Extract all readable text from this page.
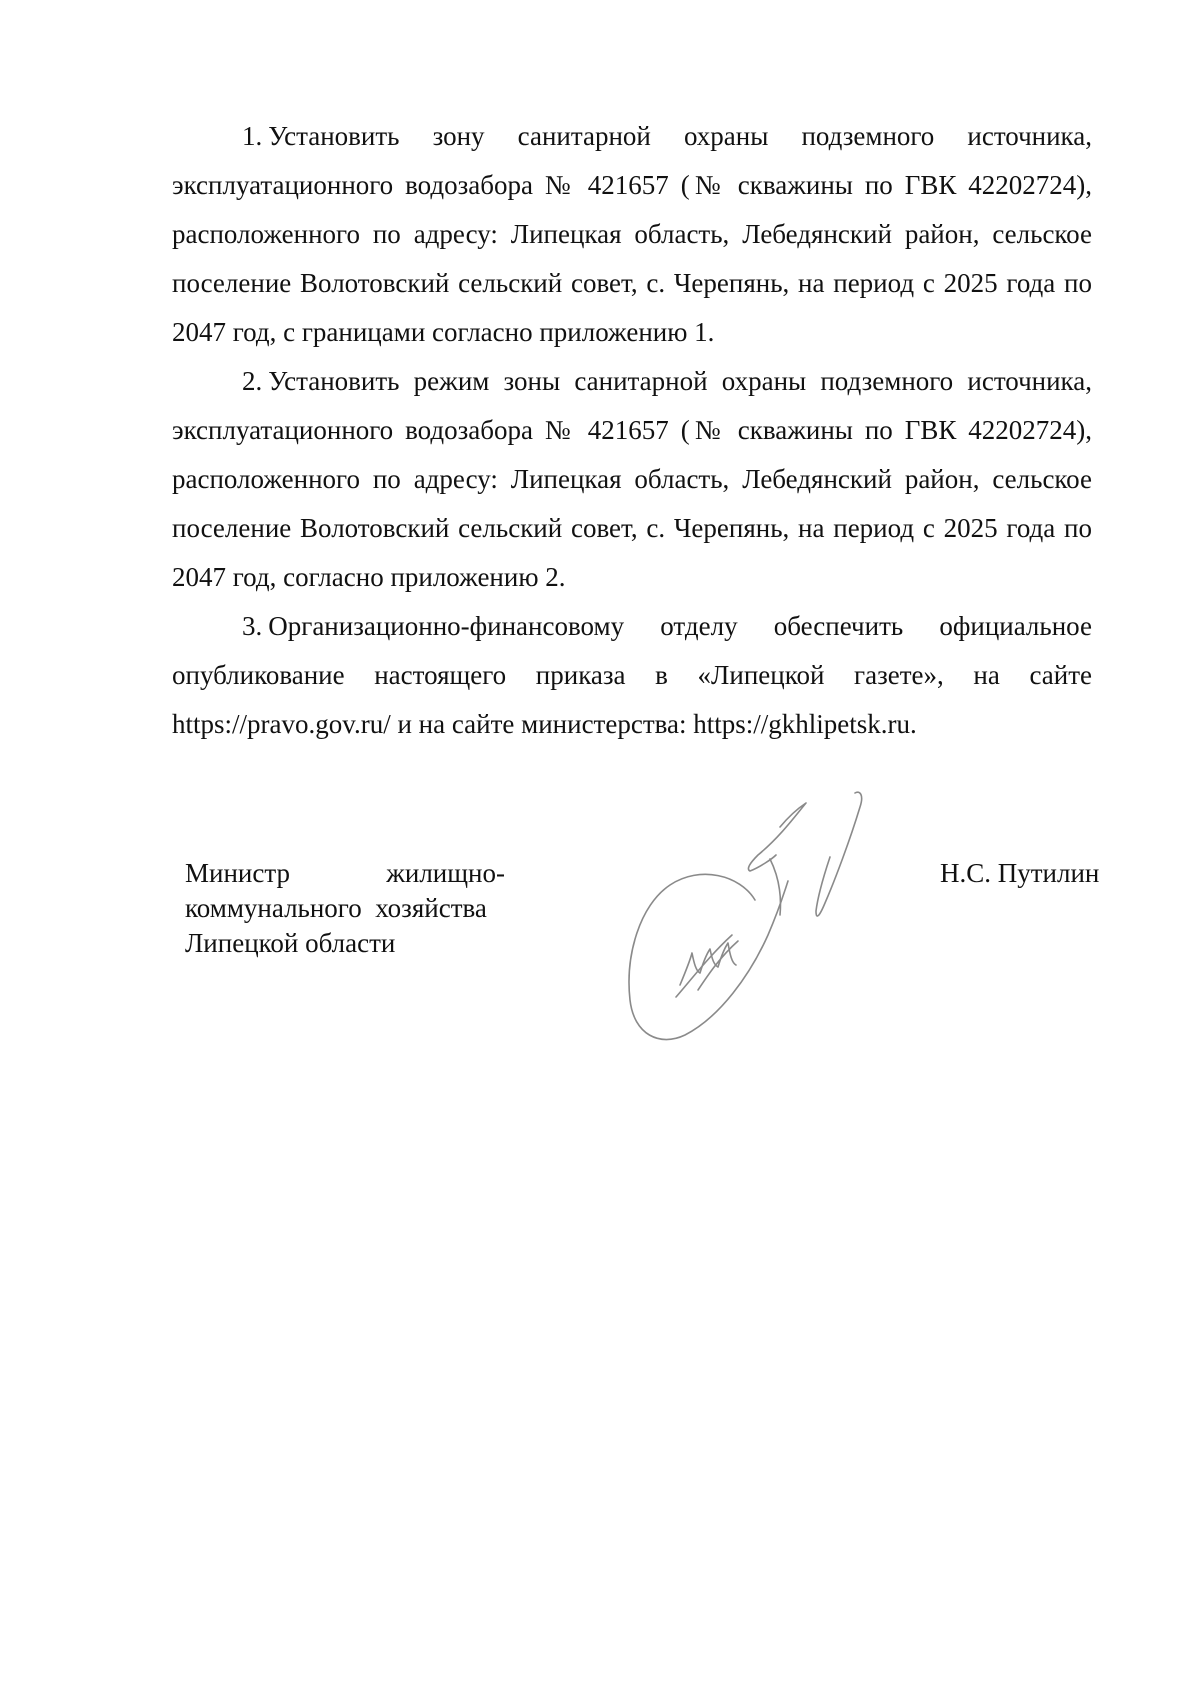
1. Установить зону санитарной охраны подземного источника, эксплуатационного водозабора № 421657 (№ скважины по ГВК 42202724), расположенного по адресу: Липецкая область, Лебедянский район, сельское поселение Волотовский сельский совет, с. Черепянь, на период с 2025 года по 2047 год, с границами согласно приложению 1.

2. Установить режим зоны санитарной охраны подземного источника, эксплуатационного водозабора № 421657 (№ скважины по ГВК 42202724), расположенного по адресу: Липецкая область, Лебедянский район, сельское поселение Волотовский сельский совет, с. Черепянь, на период с 2025 года по 2047 год, согласно приложению 2.

3. Организационно-финансовому отделу обеспечить официальное опубликование настоящего приказа в «Липецкой газете», на сайте https://pravo.gov.ru/ и на сайте министерства: https://gkhlipetsk.ru.

Министр	жилищно-
коммунального  хозяйства
Липецкой области
Н.С. Путилин
